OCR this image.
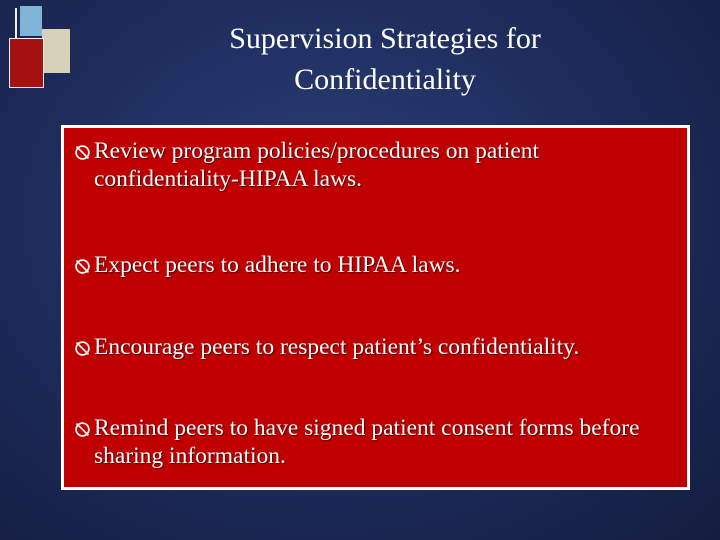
Supervision Strategies for
Confidentiality
Review program policies/procedures on patient confidentiality-HIPAA laws.
Expect peers to adhere to HIPAA laws.
Encourage peers to respect patient’s confidentiality.
Remind peers to have signed patient consent forms before sharing information.
